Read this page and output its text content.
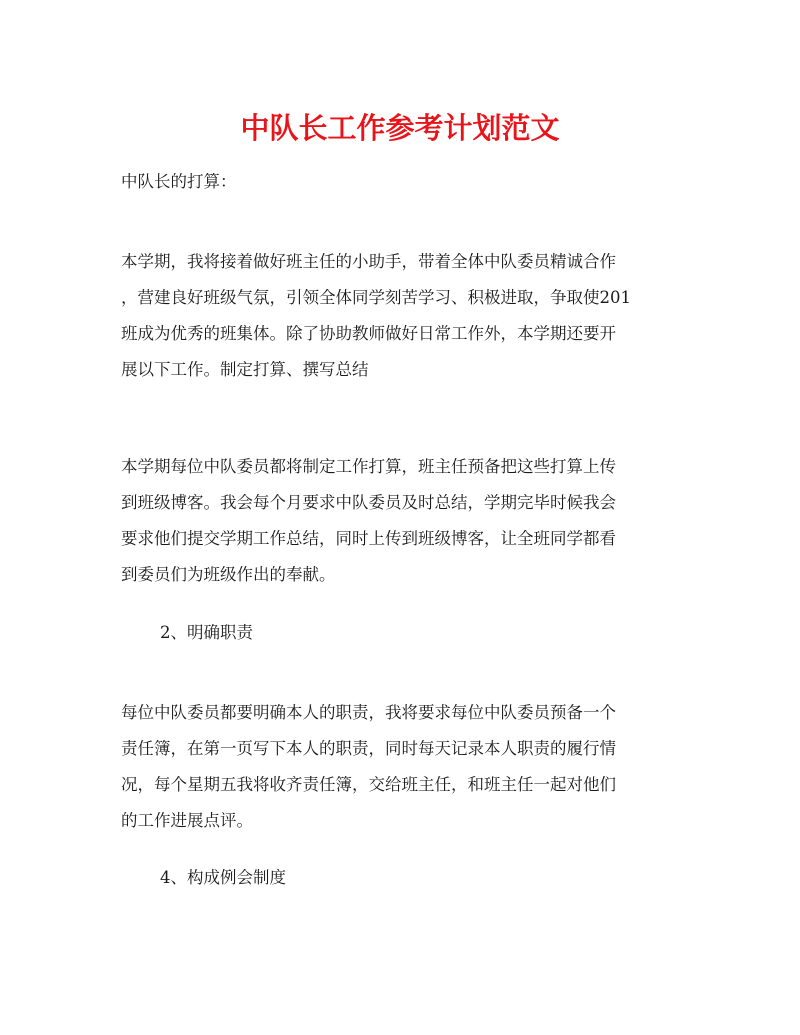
中队长工作参考计划范文
中队长的打算：
本学期，我将接着做好班主任的小助手，带着全体中队委员精诚合作
，营建良好班级气氛，引领全体同学刻苦学习、积极进取，争取使201
班成为优秀的班集体。除了协助教师做好日常工作外，本学期还要开
展以下工作。制定打算、撰写总结
本学期每位中队委员都将制定工作打算，班主任预备把这些打算上传
到班级博客。我会每个月要求中队委员及时总结，学期完毕时候我会
要求他们提交学期工作总结，同时上传到班级博客，让全班同学都看
到委员们为班级作出的奉献。
2、明确职责
每位中队委员都要明确本人的职责，我将要求每位中队委员预备一个
责任簿，在第一页写下本人的职责，同时每天记录本人职责的履行情
况，每个星期五我将收齐责任簿，交给班主任，和班主任一起对他们
的工作进展点评。
4、构成例会制度
